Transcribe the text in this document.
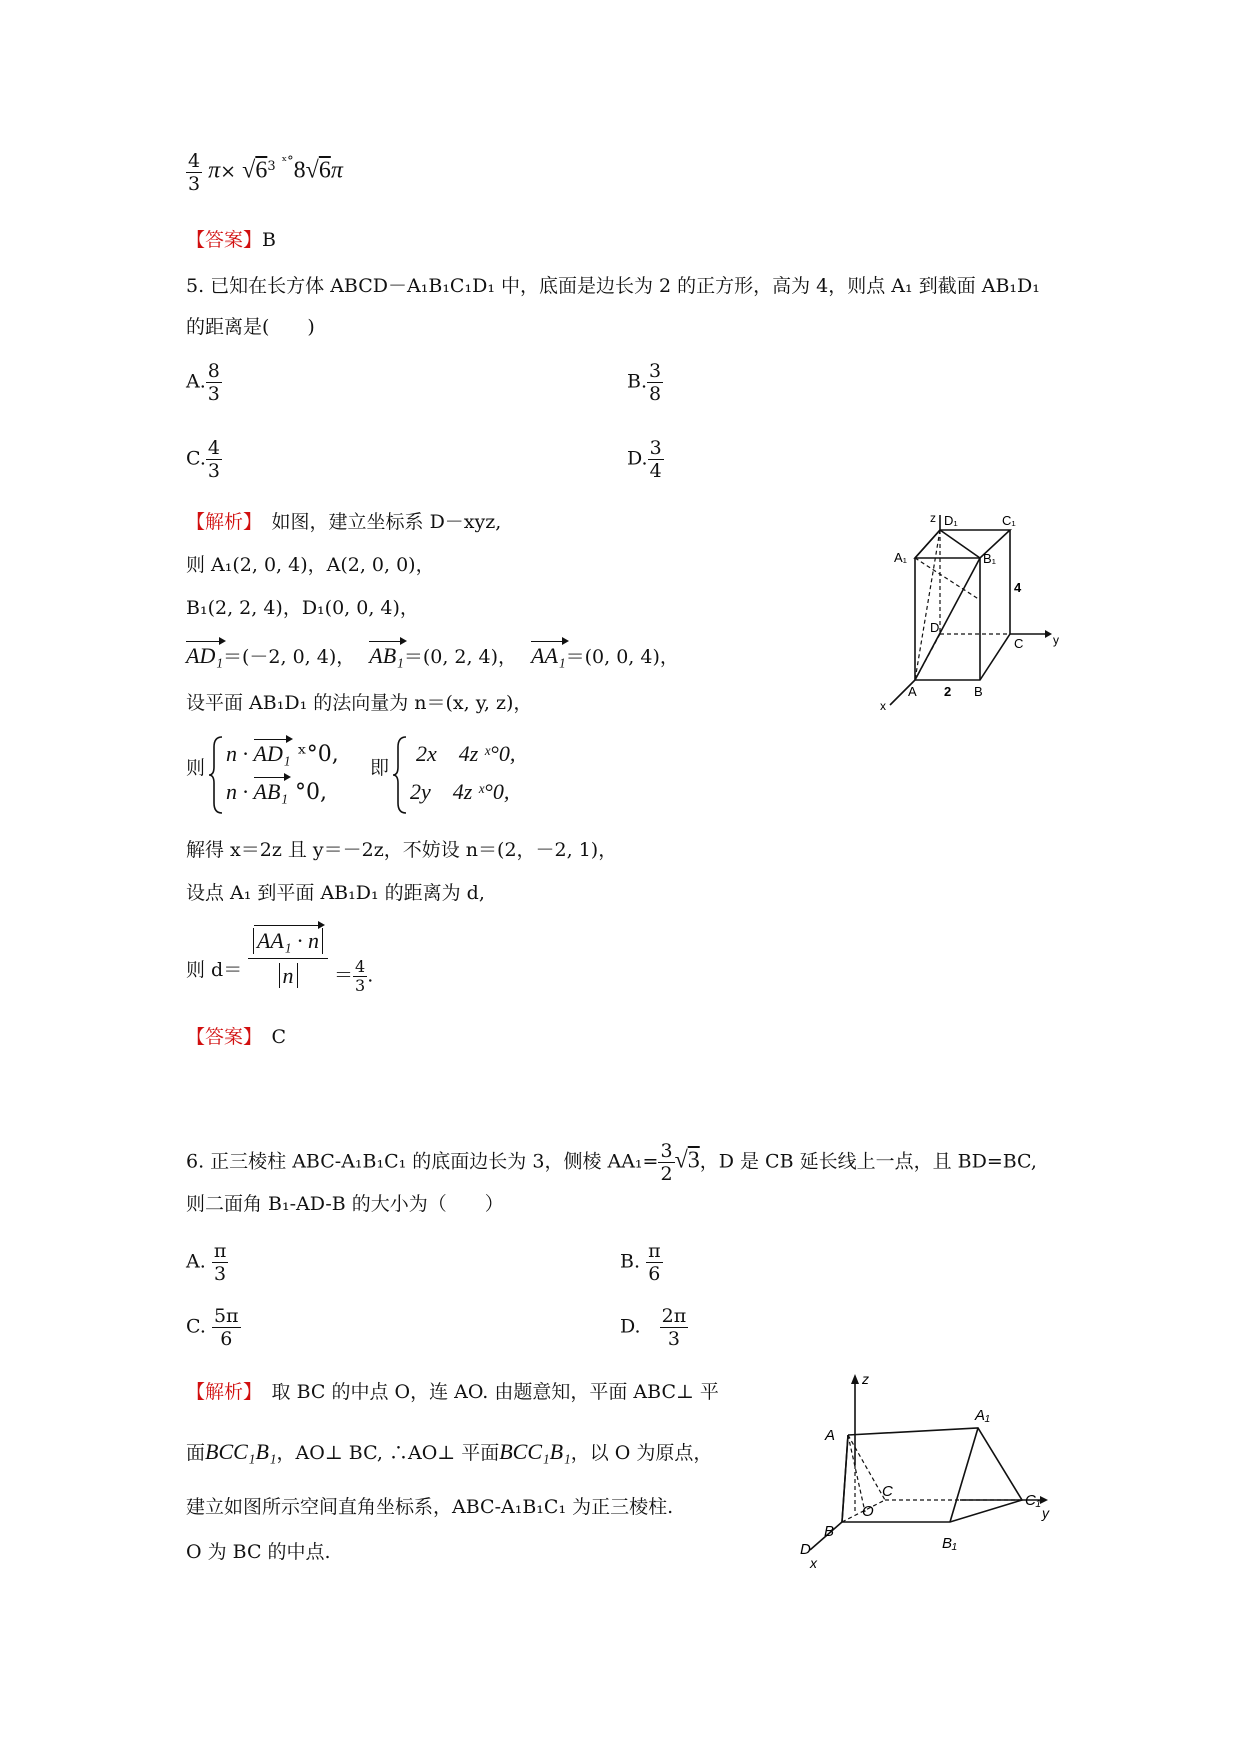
$\frac{4}{3} \pi\times √6^3$ $^{ˣ^\circ}$8√6π
【答案】B
5. 已知在长方体 ABCD－A₁B₁C₁D₁ 中，底面是边长为 2 的正方形，高为 4，则点 A₁ 到截面 AB₁D₁
的距离是(　　)
A. $\frac{8}{3}$	B. $\frac{3}{8}$
C. $\frac{4}{3}$	D. $\frac{3}{4}$
【解析】　 如图，建立坐标系 D－xyz,
则 A₁(2, 0, 4)，A(2, 0, 0)，
B₁(2, 2, 4)，D₁(0, 0, 4)，
AD₁＝(－2, 0, 4)， AB₁＝(0, 2, 4)， AA₁＝(0, 0, 4)，
设平面 AB₁D₁ 的法向量为 n＝(x, y, z)，
则
n · AD₁ ˣ°0,
n · AB₁ °0,
即
2x　4z ˣ°0,
2y　4z ˣ°0,
解得 x＝2z 且 y＝－2z，不妨设 n＝(2，－2, 1)，
设点 A₁ 到平面 AB₁D₁ 的距离为 d,
则 d＝
AA₁ · n
n	＝ $\frac{4}{3}$ .
【答案】　 C
z
y
x
D₁	C₁
A₁	B₁
D
C
A	B
4
2
6. 正三棱柱 ABC-A₁B₁C₁ 的底面边长为 3，侧棱 $AA_1= \frac{3}{2} √3$，D 是 CB 延长线上一点，且 BD=BC,
则二面角 B₁-AD-B 的大小为（　　）
A. $\frac{\pi}{3}$	B. $\frac{\pi}{6}$
C. $\frac{5\pi}{6}$	D.　 $\frac{2\pi}{3}$
【解析】　 取 BC 的中点 O，连 AO. 由题意知，平面 ABC⊥ 平
面BCC₁B₁，AO⊥ BC, ∴AO⊥ 平面BCC₁B₁，以 O 为原点，
建立如图所示空间直角坐标系，ABC-A₁B₁C₁ 为正三棱柱.
O 为 BC 的中点.
z
y
x
A
A₁
C
C₁
O
B
B₁
D
